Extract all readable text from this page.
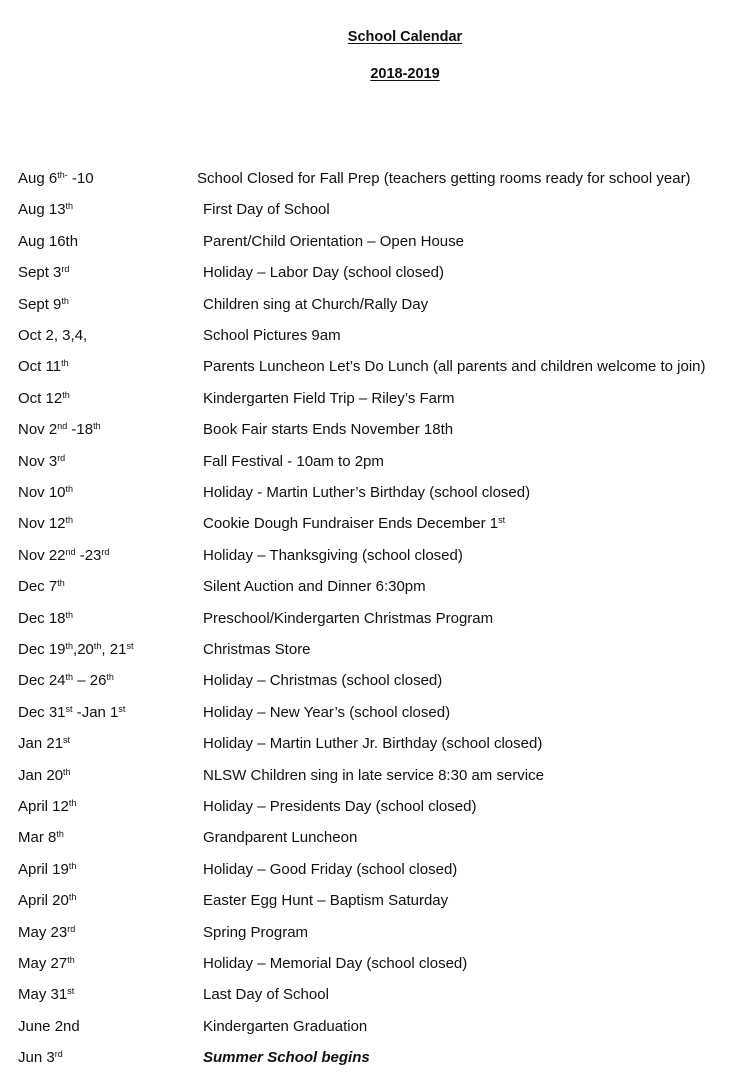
School Calendar
2018-2019
Aug $6^{th-}$ -10	School Closed for Fall Prep (teachers getting rooms ready for school year)
Aug 13th	First Day of School
Aug 16th	Parent/Child Orientation – Open House
Sept 3rd	Holiday – Labor Day (school closed)
Sept 9th	Children sing at Church/Rally Day
Oct 2, 3,4,	School Pictures 9am
Oct 11th	Parents Luncheon Let’s Do Lunch (all parents and children welcome to join)
Oct 12th	Kindergarten Field Trip – Riley’s Farm
Nov 2nd -18th	Book Fair starts Ends November 18th
Nov 3rd	Fall Festival - 10am to 2pm
Nov 10th	Holiday - Martin Luther’s Birthday (school closed)
Nov 12th	Cookie Dough Fundraiser Ends December 1st
Nov 22nd -23rd	Holiday – Thanksgiving (school closed)
Dec 7th	Silent Auction and Dinner 6:30pm
Dec 18th	Preschool/Kindergarten Christmas Program
Dec 19th,20th, 21st	Christmas Store
Dec 24th – 26th	Holiday – Christmas (school closed)
Dec 31st -Jan 1st	Holiday – New Year’s (school closed)
Jan 21st	Holiday – Martin Luther Jr. Birthday (school closed)
Jan 20th	NLSW Children sing in late service 8:30 am service
April 12th	Holiday – Presidents Day (school closed)
Mar 8th	Grandparent Luncheon
April 19th	Holiday – Good Friday (school closed)
April 20th	Easter Egg Hunt – Baptism Saturday
May 23rd	Spring Program
May 27th	Holiday – Memorial Day (school closed)
May 31st	Last Day of School
June 2nd	Kindergarten Graduation
Jun 3rd	Summer School begins
